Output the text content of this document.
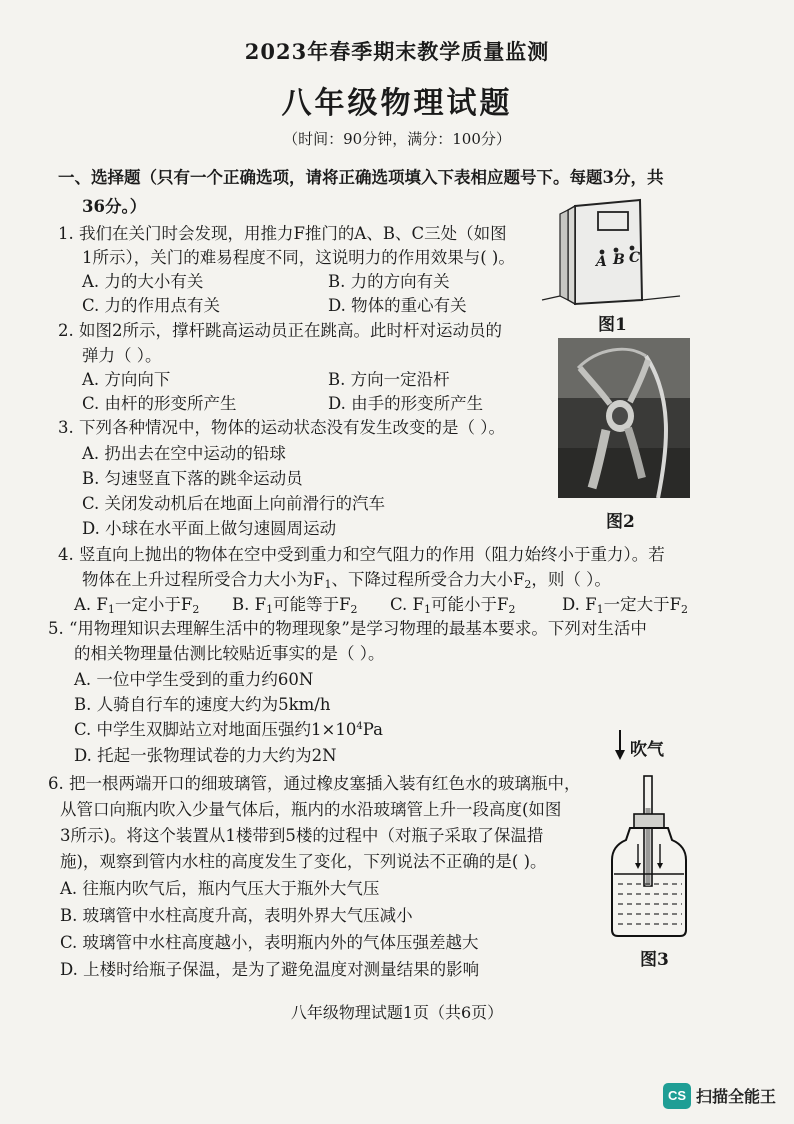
2023年春季期末教学质量监测
八年级物理试题
（时间：90分钟，满分：100分）
一、选择题（只有一个正确选项，请将正确选项填入下表相应题号下。每题3分，共
36分。）
1. 我们在关门时会发现，用推力F推门的A、B、C三处（如图
1所示），关门的难易程度不同，这说明力的作用效果与( )。
A. 力的大小有关	B. 力的方向有关
C. 力的作用点有关	D. 物体的重心有关
A B C
图1
2. 如图2所示，撑杆跳高运动员正在跳高。此时杆对运动员的
弹力（ ）。
A. 方向向下	B. 方向一定沿杆
C. 由杆的形变所产生	D. 由手的形变所产生
图2
3. 下列各种情况中，物体的运动状态没有发生改变的是（ ）。
A. 扔出去在空中运动的铅球
B. 匀速竖直下落的跳伞运动员
C. 关闭发动机后在地面上向前滑行的汽车
D. 小球在水平面上做匀速圆周运动
4. 竖直向上抛出的物体在空中受到重力和空气阻力的作用（阻力始终小于重力）。若
物体在上升过程所受合力大小为$F_1$、下降过程所受合力大小$F_2$，则（ ）。
A. $F_1$一定小于$F_2$ B. $F_1$可能等于$F_2$ C. $F_1$可能小于$F_2$	D. $F_1$一定大于$F_2$
5. “用物理知识去理解生活中的物理现象”是学习物理的最基本要求。下列对生活中
的相关物理量估测比较贴近事实的是（ ）。
A. 一位中学生受到的重力约60N
B. 人骑自行车的速度大约为5km/h
C. 中学生双脚站立对地面压强约$1\times 10^4Pa$
D. 托起一张物理试卷的力大约为2N	吹气
图3
6. 把一根两端开口的细玻璃管，通过橡皮塞插入装有红色水的玻璃瓶中，
从管口向瓶内吹入少量气体后，瓶内的水沿玻璃管上升一段高度(如图
3所示)。将这个装置从1楼带到5楼的过程中（对瓶子采取了保温措
施)，观察到管内水柱的高度发生了变化，下列说法不正确的是( )。
A. 往瓶内吹气后，瓶内气压大于瓶外大气压
B. 玻璃管中水柱高度升高，表明外界大气压减小
C. 玻璃管中水柱高度越小，表明瓶内外的气体压强差越大
D. 上楼时给瓶子保温，是为了避免温度对测量结果的影响
八年级物理试题1页（共6页）
CS 扫描全能王
